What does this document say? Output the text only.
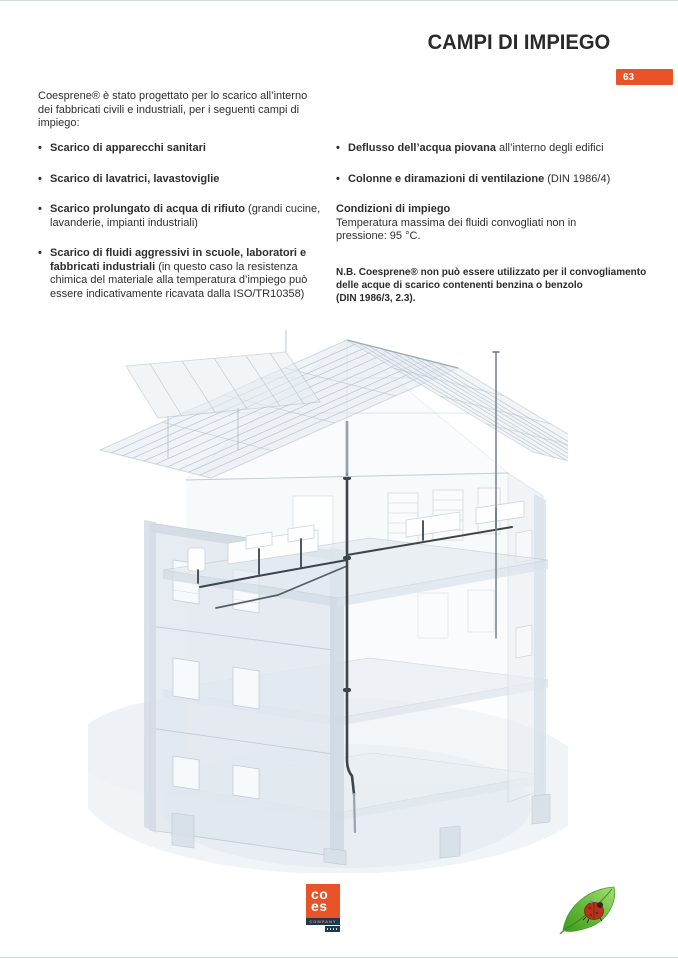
CAMPI DI IMPIEGO
63
Coesprene® è stato progettato per lo scarico all’interno
dei fabbricati civili e industriali, per i seguenti campi di
impiego:
• Scarico di apparecchi sanitari
• Scarico di lavatrici, lavastoviglie
• Scarico prolungato di acqua di rifiuto (grandi cucine, lavanderie, impianti industriali)
• Scarico di fluidi aggressivi in scuole, laboratori e fabbricati industriali (in questo caso la resistenza chimica del materiale alla temperatura d’impiego può essere indicativamente ricavata dalla ISO/TR10358)
• Deflusso dell’acqua piovana all’interno degli edifici
• Colonne e diramazioni di ventilazione (DIN 1986/4)
Condizioni di impiego
Temperatura massima dei fluidi convogliati non in
pressione: 95 °C.
N.B. Coesprene® non può essere utilizzato per il convogliamento
delle acque di scarico contenenti benzina o benzolo
(DIN 1986/3, 2.3).
co
es
COMPANY
